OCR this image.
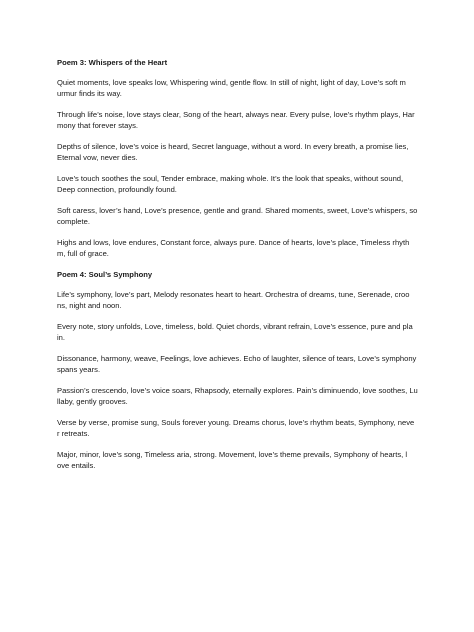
Poem 3: Whispers of the Heart

Quiet moments, love speaks low, Whispering wind, gentle flow. In still of night, light of day, Love’s soft m
urmur finds its way.

Through life’s noise, love stays clear, Song of the heart, always near. Every pulse, love’s rhythm plays, Har
mony that forever stays.

Depths of silence, love’s voice is heard, Secret language, without a word. In every breath, a promise lies,
Eternal vow, never dies.

Love’s touch soothes the soul, Tender embrace, making whole. It’s the look that speaks, without sound,
Deep connection, profoundly found.

Soft caress, lover’s hand, Love’s presence, gentle and grand. Shared moments, sweet, Love’s whispers, so
complete.

Highs and lows, love endures, Constant force, always pure. Dance of hearts, love’s place, Timeless rhyth
m, full of grace.

Poem 4: Soul’s Symphony

Life’s symphony, love’s part, Melody resonates heart to heart. Orchestra of dreams, tune, Serenade, croo
ns, night and noon.

Every note, story unfolds, Love, timeless, bold. Quiet chords, vibrant refrain, Love’s essence, pure and pla
in.

Dissonance, harmony, weave, Feelings, love achieves. Echo of laughter, silence of tears, Love’s symphony
spans years.

Passion’s crescendo, love’s voice soars, Rhapsody, eternally explores. Pain’s diminuendo, love soothes, Lu
llaby, gently grooves.

Verse by verse, promise sung, Souls forever young. Dreams chorus, love’s rhythm beats, Symphony, neve
r retreats.

Major, minor, love’s song, Timeless aria, strong. Movement, love’s theme prevails, Symphony of hearts, l
ove entails.
